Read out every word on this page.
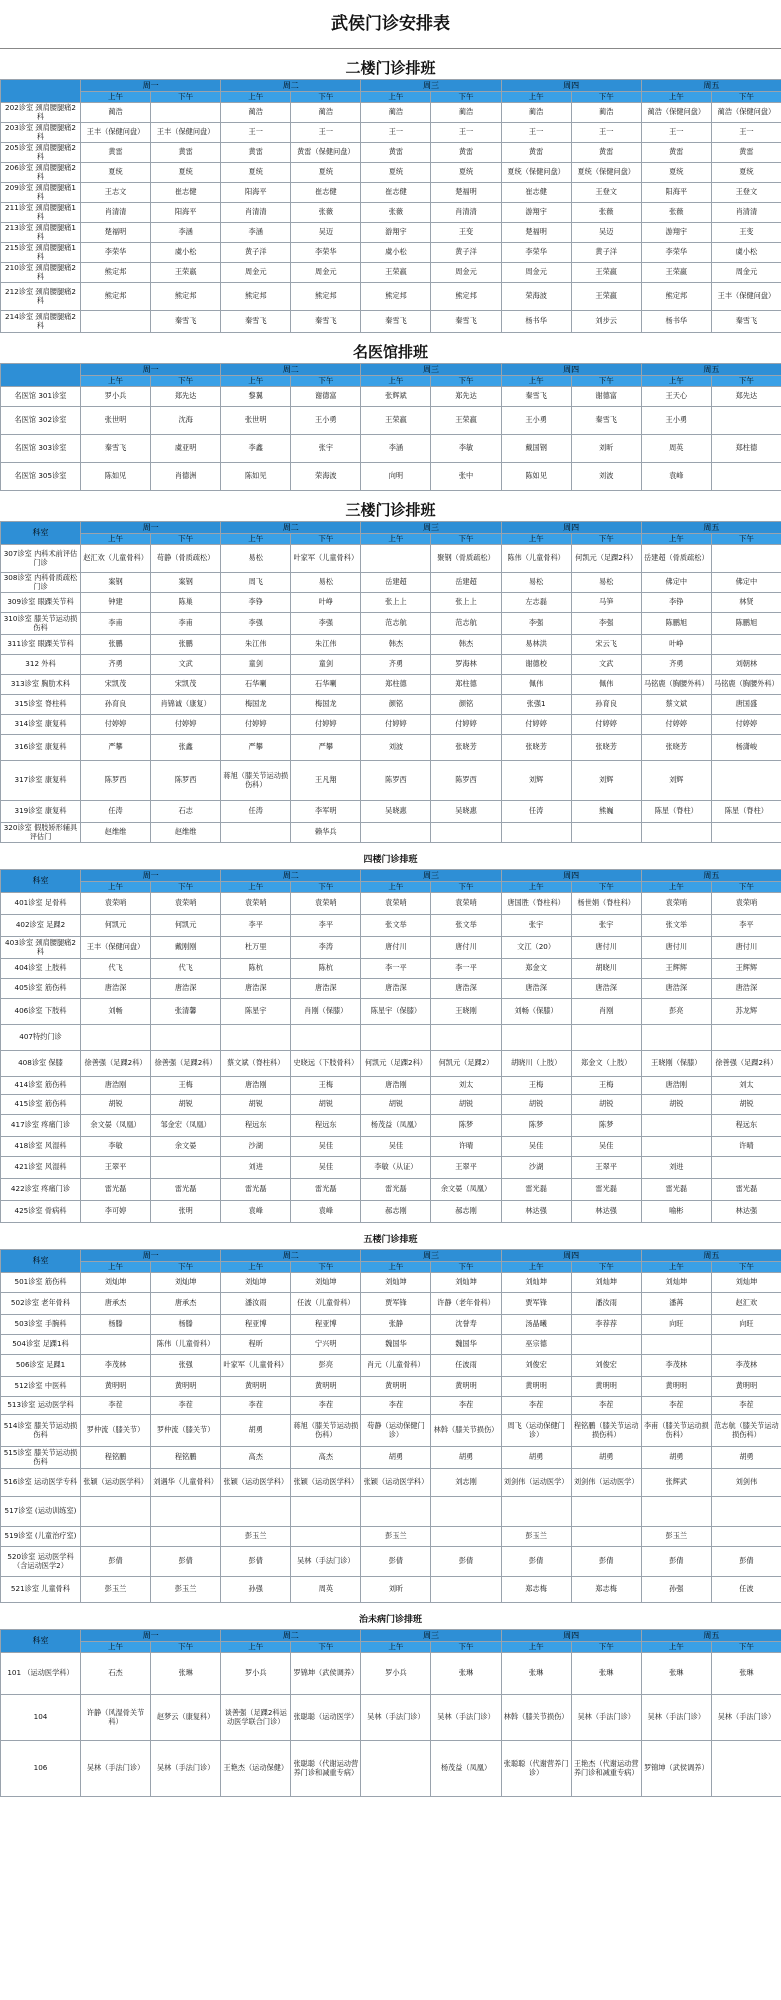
武侯门诊安排表
二楼门诊排班
	周一		周二		周三		周四		周五	
	上午	下午	上午	下午	上午	下午	上午	下午	上午	下午
202诊室 颈肩腰腿痛2科	蔺浩		蔺浩	蔺浩	蔺浩	蔺浩	蔺浩	蔺浩	蔺浩（保健问盘）	蔺浩（保健问盘）
203诊室 颈肩腰腿痛2科	王丰（保健问盘）	王丰（保健问盘）	王一	王一	王一	王一	王一	王一	王一	王一
205诊室 颈肩腰腿痛2科	黄雷	黄雷	黄雷	黄雷（保健问盘）	黄雷	黄雷	黄雷	黄雷	黄雷	黄雷
206诊室 颈肩腰腿痛2科	夏统	夏统	夏统	夏统	夏统	夏统	夏统（保健问盘）	夏统（保健问盘）	夏统	夏统
209诊室 颈肩腰腿痛1科	王志文	崔志健	阳海平	崔志健	崔志健	楚福明	崔志健	王登文	阳海平	王登文
211诊室 颈肩腰腿痛1科	肖清清	阳海平	肖清清	张薇	张薇	肖清清	游翔宇	张薇	张薇	肖清清
213诊室 颈肩腰腿痛1科	楚福明	李涵	李涵	吴迈	游翔宇	王变	楚福明	吴迈	游翔宇	王变
215诊室 颈肩腰腿痛1科	李荣华	虞小松	黄子洋	李荣华	虞小松	黄子洋	李荣华	黄子洋	李荣华	虞小松
210诊室 颈肩腰腿痛2科	熊定邦	王荣嬴	周金元	周金元	王荣嬴	周金元	周金元	王荣嬴	王荣嬴	周金元
212诊室 颈肩腰腿痛2科	熊定邦	熊定邦	熊定邦	熊定邦	熊定邦	熊定邦	荣海波	王荣嬴	熊定邦	王丰（保健问盘）
214诊室 颈肩腰腿痛2科		秦雪飞	秦雪飞	秦雪飞	秦雪飞	秦雪飞	杨书华	刘步云	杨书华	秦雪飞
名医馆排班
	周一		周二		周三		周四		周五	
	上午	下午	上午	下午	上午	下午	上午	下午	上午	下午
名医馆 301诊室	罗小兵	郑先达	黎翼	谢德富	张辉斌	郑先达	秦雪飞	谢德富	王天心	郑先达
名医馆 302诊室	张世明	沈海	张世明	王小勇	王荣嬴	王荣嬴	王小勇	秦雪飞	王小勇	
名医馆 303诊室	秦雪飞	虞亚明	李鑫	张宇	李涵	李敏	戴国钢	刘昕	周英	郑柱德
名医馆 305诊室	陈如见	肖德洲	陈如见	荣海波	向明	张中	陈如见	刘波	袁峰	
三楼门诊排班
科室	周一		周二		周三		周四		周五	
	上午	下午	上午	下午	上午	下午	上午	下午	上午	下午
307诊室 内科术前评估门诊	赵汇欢（儿童骨科）	苟静（骨质疏松）	易松	叶家军（儿童骨科）		聚钢（骨质疏松）	陈伟（儿童骨科）	何凯元（足踝2科）	岳建超（骨质疏松）	
308诊室 内科骨质疏松门诊	案钢	案钢	周飞	易松	岳建超	岳建超	易松	易松	佛定中	佛定中
309诊室 眼踝关节科	钟建	陈巢	李铮	叶峥	张上上	张上上	左志磊	马笋	李铮	林贤
310诊室 膝关节运动损伤科	李甫	李甫	李强	李强	范志航	范志航	李强	李强	陈鹏旭	陈鹏旭
311诊室 眼踝关节科	张鹏	张鹏	朱江伟	朱江伟	韩杰	韩杰	易林洪	宋云飞	叶峥	
312 外科	齐勇	文武	童剑	童剑	齐勇	罗海林	谢德校	文武	齐勇	刘朝林
313诊室 胸肋术科	宋凯茂	宋凯茂	石华喇	石华喇	郑柱德	郑柱德	佩伟	佩伟	马铭鹿（胸腰外科）	马铭鹿（胸腰外科）
315诊室 脊柱科	孙育良	肖锦诚（康复）	梅国龙	梅国龙	颜铭	颜铭	张强1	孙育良	蔡文斌	唐国盛
314诊室 康复科	付婷婷	付婷婷	付婷婷	付婷婷	付婷婷	付婷婷	付婷婷	付婷婷	付婷婷	付婷婷
316诊室 康复科	严攀	张鑫	严攀	严攀	刘波	张晓芳	张晓芳	张晓芳	张晓芳	杨潇峻
317诊室 康复科	陈罗西	陈罗西	蒋旭（膝关节运动损伤科）	王凡翔	陈罗西	陈罗西	刘辉	刘辉	刘辉	
319诊室 康复科	任涛	石志	任涛	李军明	吴晓惠	吴晓惠	任涛	熊巍	陈星（脊柱）	陈星（脊柱）
320诊室 假肢矫形辅具评估门	赵维维	赵维维		赖华兵						
四楼门诊排班
科室	周一		周二		周三		周四		周五	
	上午	下午	上午	下午	上午	下午	上午	下午	上午	下午
401诊室 足骨科	袁荣哨	袁荣哨	袁荣哨	袁荣哨	袁荣哨	袁荣哨	唐国胜（脊柱科）	杨世娟（脊柱科）	袁荣哨	袁荣哨
402诊室 足踝2	何凯元	何凯元	李平	李平	张文举	张文举	张宇	张宇	张文举	李平
403诊室 颈肩腰腿痛2科	王丰（保健问盘）	戴刚刚	杜万里	李涛	唐付川	唐付川	文江（20）	唐付川	唐付川	唐付川
404诊室 上肢科	代飞	代飞	陈杭	陈杭	李一平	李一平	郑金文	胡晓川	王辉辉	王辉辉
405诊室 筋伤科	唐浩深	唐浩深	唐浩深	唐浩深	唐浩深	唐浩深	唐浩深	唐浩深	唐浩深	唐浩深
406诊室 下肢科	刘畅	张清馨	陈星宇	肖刚（保膝）	陈星宇（保膝）	王晓刚	刘畅（保膝）	肖刚	彭亮	苏龙辉
407特约门诊										
408诊室 保膝	徐善强（足踝2科）	徐善强（足踝2科）	蔡文斌（脊柱科）	史晓远（下肢骨科）	何凯元（足踝2科）	何凯元（足踝2）	胡晓川（上肢）	郑金文（上肢）	王晓刚（保膝）	徐善强（足踝2科）
414诊室 筋伤科	唐浩刚	王梅	唐浩刚	王梅	唐浩刚	刘太	王梅	王梅	唐浩刚	刘太
415诊室 筋伤科	胡锐	胡锐	胡锐	胡锐	胡锐	胡锐	胡锐	胡锐	胡锐	胡锐
417诊室 疼痛门诊	余文晏（凤凰）	邹金宏（凤凰）	程远东	程远东	杨茂益（凤凰）	陈梦	陈梦	陈梦		程远东
418诊室 风湿科	李敏	余文晏	沙湖	吴佳	吴佳	许晴	吴佳	吴佳		许晴
421诊室 风湿科	王翠平		刘进	吴佳	李敏（从证）	王翠平	沙湖	王翠平	刘进	
422诊室 疼痛门诊	雷光磊	雷光磊	雷光磊	雷光磊	雷光磊	余文晏（凤凰）	雷光磊	雷光磊	雷光磊	雷光磊
425诊室 骨病科	李可婷	张明	袁峰	袁峰	郝志刚	郝志刚	林达强	林达强	喻彬	林达强
五楼门诊排班
科室	周一		周二		周三		周四		周五	
	上午	下午	上午	下午	上午	下午	上午	下午	上午	下午
501诊室 筋伤科	刘灿坤	刘灿坤	刘灿坤	刘灿坤	刘灿坤	刘灿坤	刘灿坤	刘灿坤	刘灿坤	刘灿坤
502诊室 老年骨科	唐承杰	唐承杰	潘汝雨	任波（儿童骨科）	贾军锋	许静（老年骨科）	贾军锋	潘汝雨	潘苒	赵汇欢
503诊室 手腕科	杨滕	杨滕	程亚博	程亚博	张静	沈誉寿	汤晶曦	李荐荐	向旺	向旺
504诊室 足踝1科		陈伟（儿童骨科）	程昕	宁兴明	魏国华	魏国华	巫宗德			
506诊室 足踝1	李茂林	张强	叶家军（儿童骨科）	彭亮	肖元（儿童骨科）	任波雨	刘俊宏	刘俊宏	李茂林	李茂林
512诊室 中医科	黄明明	黄明明	黄明明	黄明明	黄明明	黄明明	黄明明	黄明明	黄明明	黄明明
513诊室 运动医学科	李茬	李茬	李茬	李茬	李茬	李茬	李茬	李茬	李茬	李茬
514诊室 膝关节运动损伤科	罗仲流（膝关节）	罗仲流（膝关节）	胡勇	蒋旭（膝关节运动损伤科）	苟静（运动保健门诊）	林斡（膝关节损伤）	周飞（运动保健门诊）	程铭鹏（膝关节运动损伤科）	李甫（膝关节运动损伤科）	范志航（膝关节运动损伤科）
515诊室 膝关节运动损伤科	程铭鹏	程铭鹏	高杰	高杰	胡勇	胡勇	胡勇	胡勇	胡勇	胡勇
516诊室 运动医学专科	张颖（运动医学科）	刘遇华（儿童骨科）	张颖（运动医学科）	张颖（运动医学科）	张颖（运动医学科）	刘志刚	刘剑伟（运动医学）	刘剑伟（运动医学）	张辉武	刘剑伟
517诊室 (运动训练室)										
519诊室 (儿童治疗室)			彭玉兰		彭玉兰		彭玉兰		彭玉兰	
520诊室 运动医学科（含运动医学2）	彭倩	彭倩	彭倩	吴林（手法门诊）	彭倩	彭倩	彭倩	彭倩	彭倩	彭倩
521诊室 儿童骨科	彭玉兰	彭玉兰	孙强	周英	刘昕		郑志梅	郑志梅	孙强	任波
治未病门诊排班
科室	周一		周二		周三		周四		周五	
	上午	下午	上午	下午	上午	下午	上午	下午	上午	下午
101 （运动医学科）	石杰	张琳	罗小兵	罗锦坤（武侯调养）	罗小兵	张琳	张琳	张琳	张琳	张琳
104	许静（风湿骨关节科）	赵梦云（康复科）	谈善强（足踝2科运动医学联合门诊）	张聪聪（运动医学）	吴林（手法门诊）	吴林（手法门诊）	林斡（膝关节损伤）	吴林（手法门诊）	吴林（手法门诊）	吴林（手法门诊）
106	吴林（手法门诊）	吴林（手法门诊）	王艳杰（运动保健）	张聪聪（代谢运动营养门诊和减重专病）		杨茂益（凤凰）	张聪聪（代谢营养门诊）	王艳杰（代谢运动营养门诊和减重专病）	罗锦坤（武侯调养）	
